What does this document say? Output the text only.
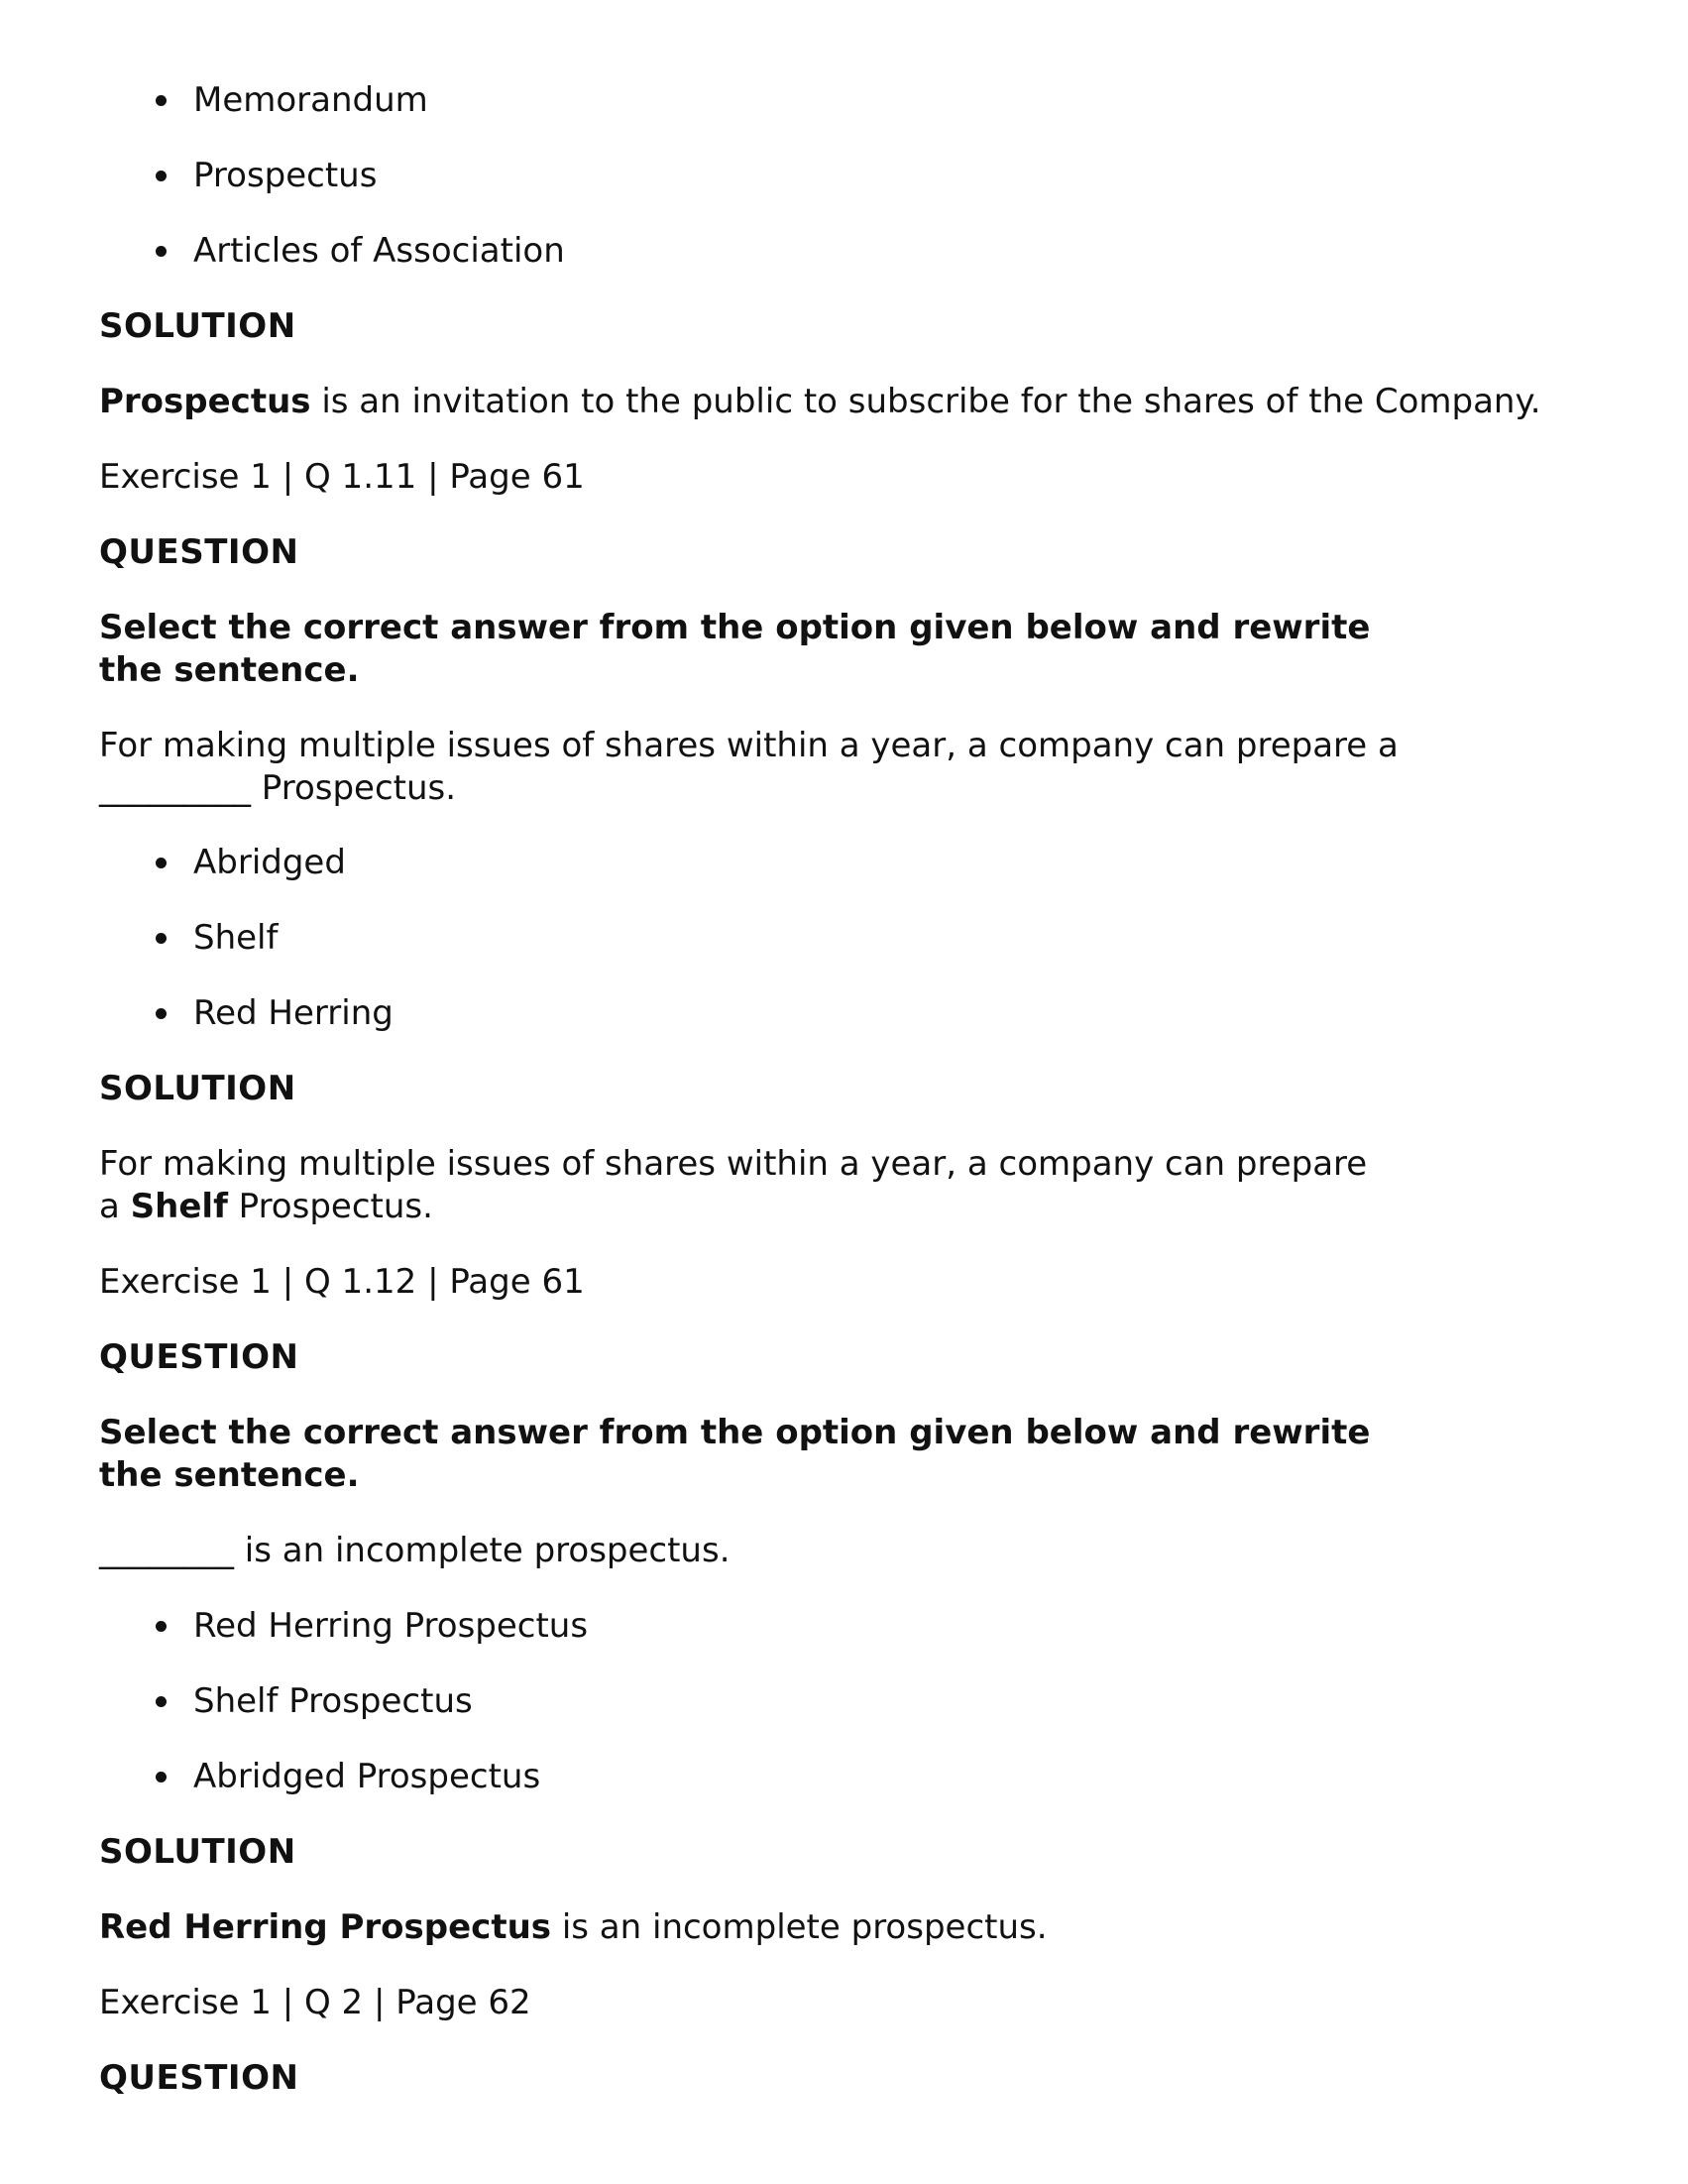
Memorandum
Prospectus
Articles of Association
SOLUTION
Prospectus is an invitation to the public to subscribe for the shares of the Company.
Exercise 1 | Q 1.11 | Page 61
QUESTION
Select the correct answer from the option given below and rewrite the sentence.
For making multiple issues of shares within a year, a company can prepare a _________ Prospectus.
Abridged
Shelf
Red Herring
SOLUTION
For making multiple issues of shares within a year, a company can prepare
a Shelf Prospectus.
Exercise 1 | Q 1.12 | Page 61
QUESTION
Select the correct answer from the option given below and rewrite the sentence.
________ is an incomplete prospectus.
Red Herring Prospectus
Shelf Prospectus
Abridged Prospectus
SOLUTION
Red Herring Prospectus is an incomplete prospectus.
Exercise 1 | Q 2 | Page 62
QUESTION
